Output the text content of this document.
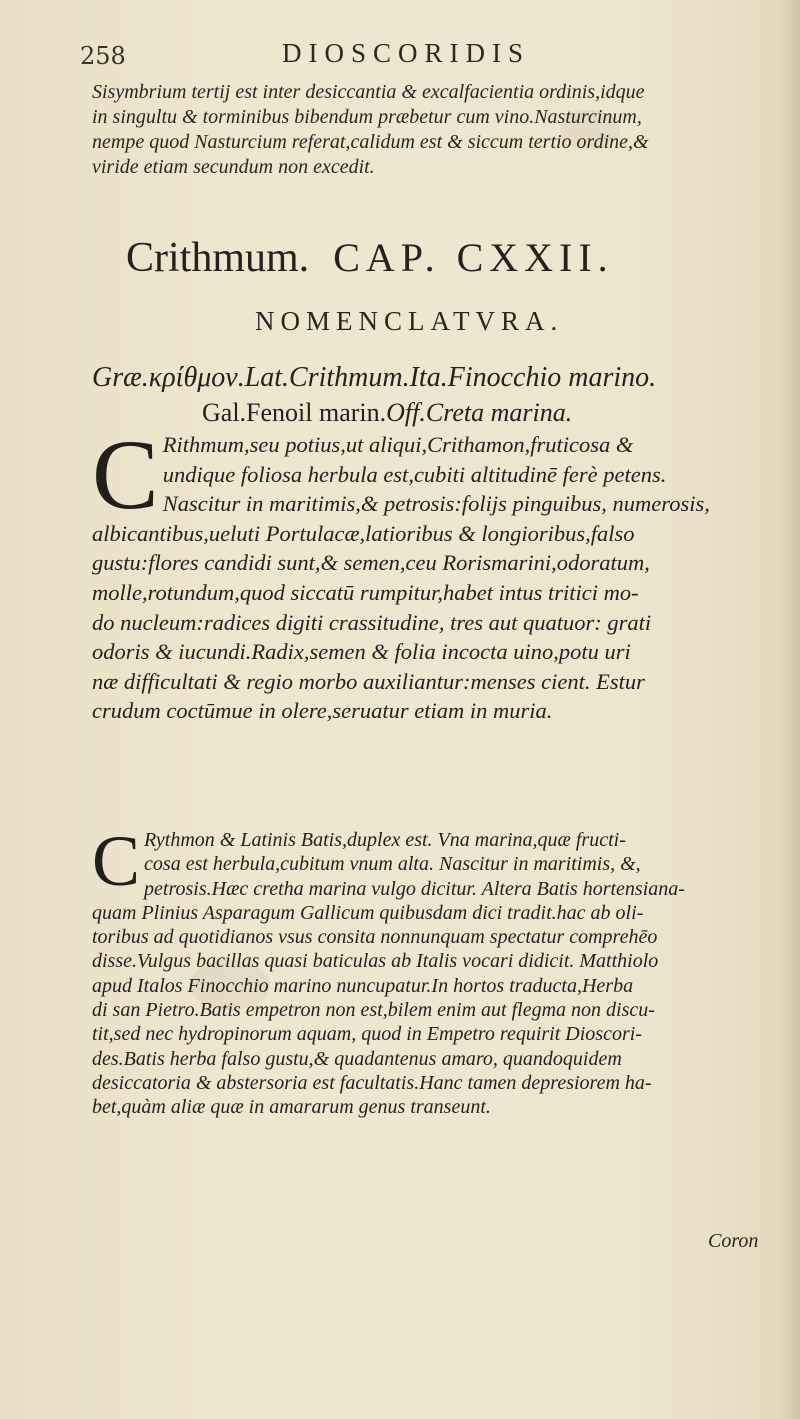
258	DIOSCORIDIS
Sisymbrium tertij est inter desiccantia & excalfacientia ordinis,idque
in singultu & torminibus bibendum præbetur cum vino.Nasturcinum,
nempe quod Nasturcium referat,calidum est & siccum tertio ordine,&
viride etiam secundum non excedit.
Crithmum. CAP. CXXII.
NOMENCLATVRA.
Græ.κρίθμον.Lat.Crithmum.Ita.Finocchio marino.
Gal.Fenoil marin.Off.Creta marina.
C Rithmum,seu potius,ut aliqui,Crithamon,fruticosa &
undique foliosa herbula est,cubiti altitudinē ferè petens.
Nascitur in maritimis,& petrosis:folijs pinguibus, numerosis,
albicantibus,ueluti Portulacæ,latioribus & longioribus,falso
gustu:flores candidi sunt,& semen,ceu Rorismarini,odoratum,
molle,rotundum,quod siccatū rumpitur,habet intus tritici mo-
do nucleum:radices digiti crassitudine, tres aut quatuor: grati
odoris & iucundi.Radix,semen & folia incocta uino,potu uri
næ difficultati & regio morbo auxiliantur:menses cient. Estur
crudum coctūmue in olere,seruatur etiam in muria.
C Rythmon & Latinis Batis,duplex est. Vna marina,quæ fructi-
cosa est herbula,cubitum vnum alta. Nascitur in maritimis, &,
petrosis.Hæc cretha marina vulgo dicitur. Altera Batis hortensiana-
quam Plinius Asparagum Gallicum quibusdam dici tradit.hac ab oli-
toribus ad quotidianos vsus consita nonnunquam spectatur comprehēo
disse.Vulgus bacillas quasi baticulas ab Italis vocari didicit. Matthiolo
apud Italos Finocchio marino nuncupatur.In hortos traducta,Herba
di san Pietro.Batis empetron non est,bilem enim aut flegma non discu-
tit,sed nec hydropinorum aquam, quod in Empetro requirit Dioscori-
des.Batis herba falso gustu,& quadantenus amaro, quandoquidem
desiccatoria & abstersoria est facultatis.Hanc tamen depresiorem ha-
bet,quàm aliæ quæ in amararum genus transeunt.
Coron
